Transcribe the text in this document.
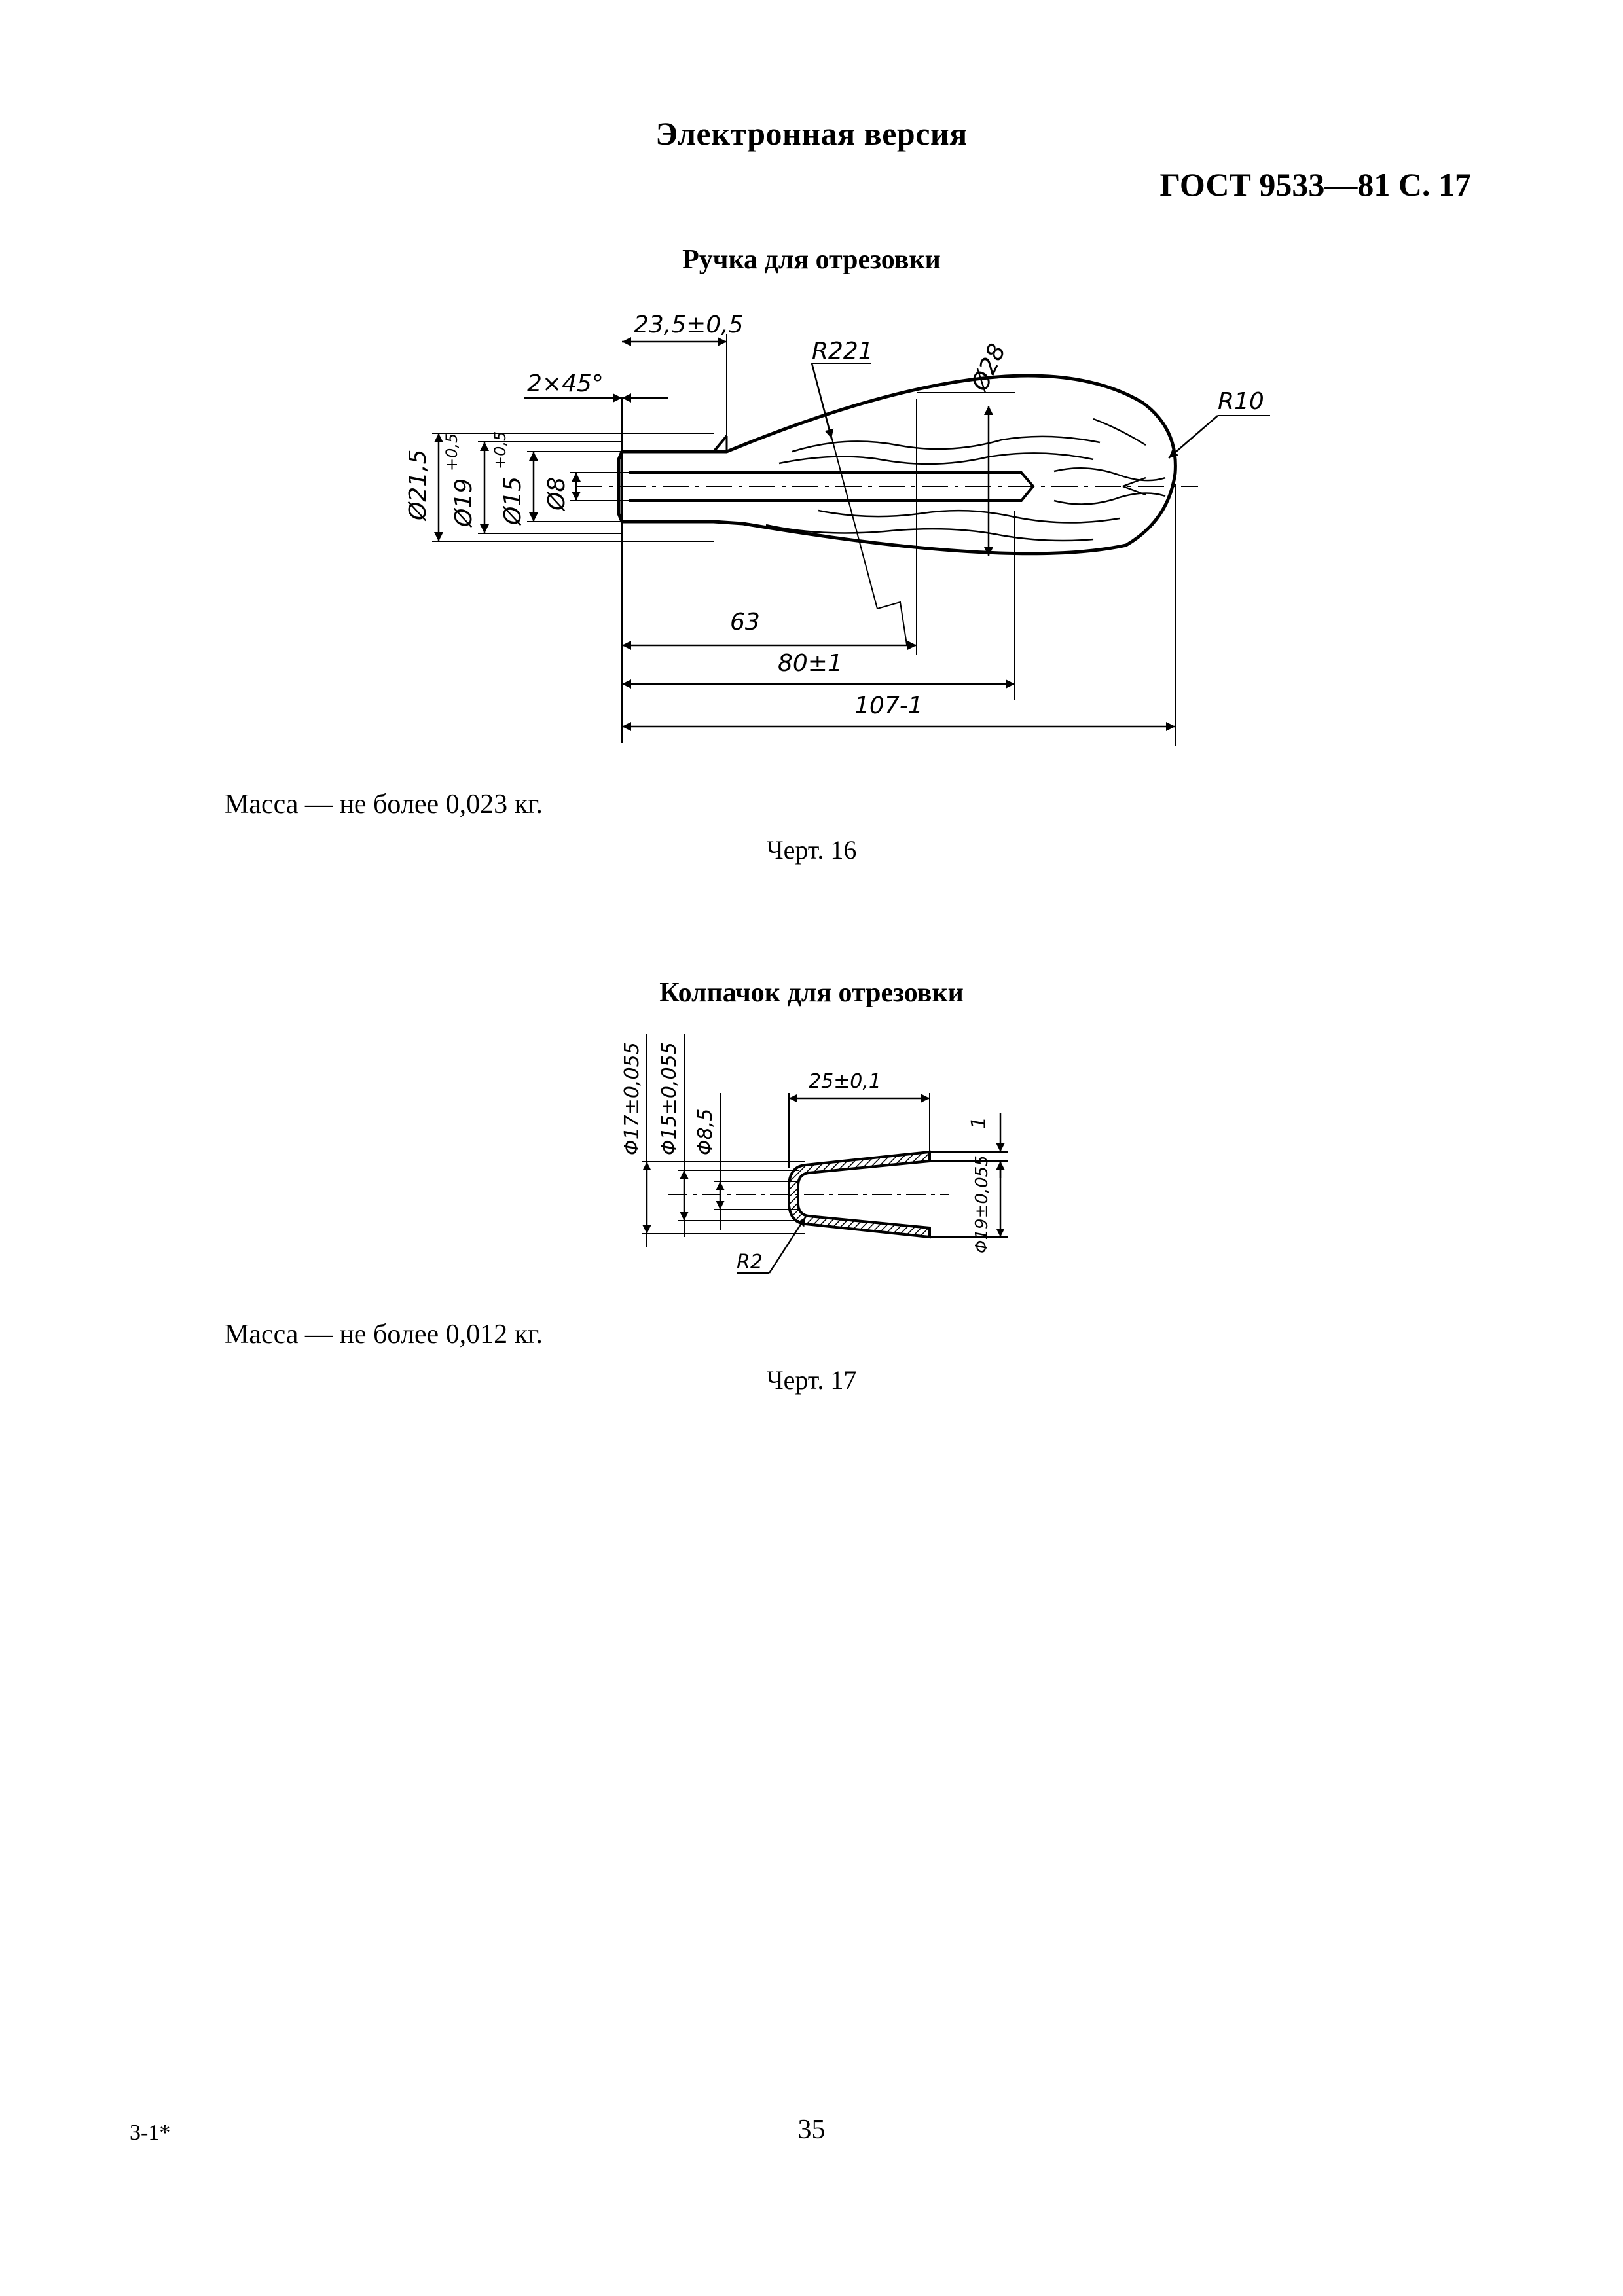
Электронная версия
ГОСТ 9533—81 С. 17
Ручка для отрезовки
Ø21,5 Ø19
+0,5
Ø15
+0,5
Ø8
2×45°
23,5±0,5
R221	Ø28
R10
63
80±1
107-1
Масса — не более 0,023 кг.
Черт. 16
Колпачок для отрезовки
Φ17±0,055 Φ15±0,055 Φ8,5
25±0,1
1
Φ19±0,055
R2
Масса — не более 0,012 кг.
Черт. 17
3-1*	35
